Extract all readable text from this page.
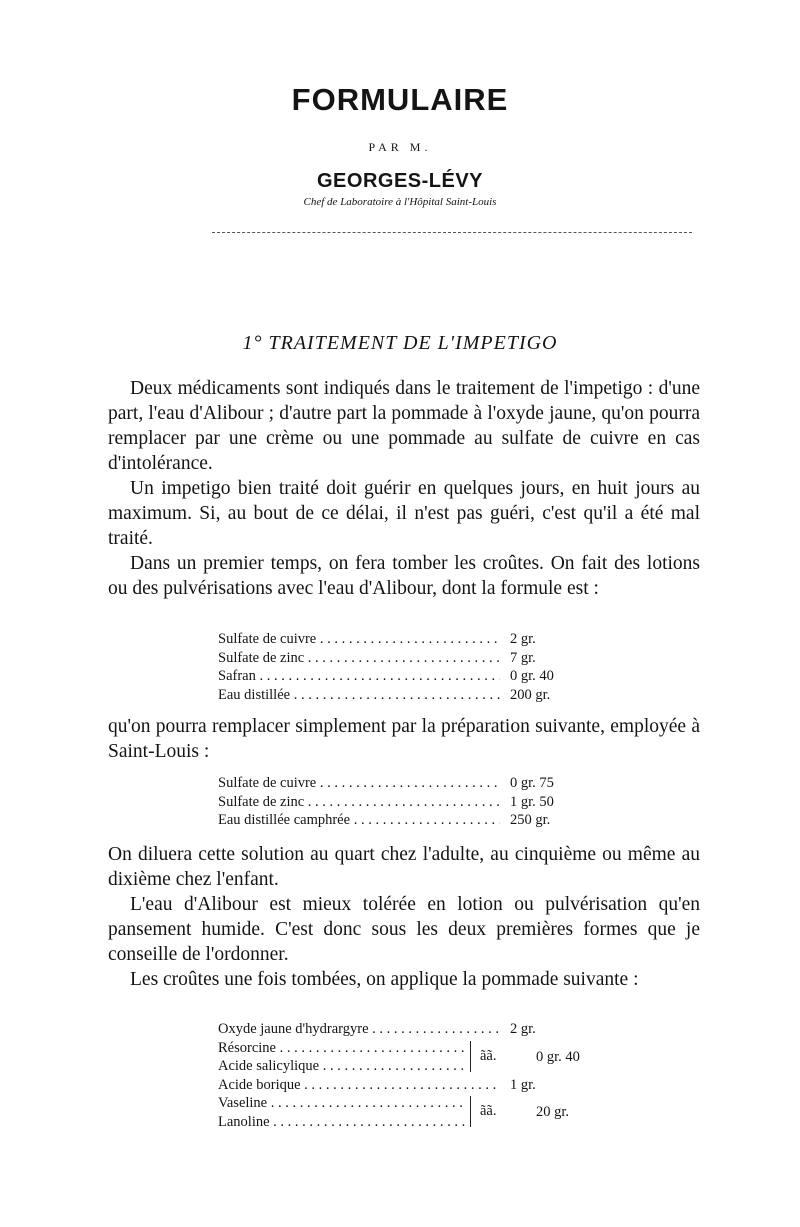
FORMULAIRE
PAR M.
GEORGES-LÉVY
Chef de Laboratoire à l'Hôpital Saint-Louis
1° TRAITEMENT DE L'IMPETIGO

Deux médicaments sont indiqués dans le traitement de l'impetigo : d'une part, l'eau d'Alibour ; d'autre part la pommade à l'oxyde jaune, qu'on pourra remplacer par une crème ou une pommade au sulfate de cuivre en cas d'intolérance.

Un impetigo bien traité doit guérir en quelques jours, en huit jours au maximum. Si, au bout de ce délai, il n'est pas guéri, c'est qu'il a été mal traité.

Dans un premier temps, on fera tomber les croûtes. On fait des lotions ou des pulvérisations avec l'eau d'Alibour, dont la formule est :

Sulfate de cuivre . . .	2 gr.
Sulfate de zinc . . .	7 gr.
Safran . . .	0 gr. 40
Eau distillée . . .	200 gr.

qu'on pourra remplacer simplement par la préparation suivante, employée à Saint-Louis :

Sulfate de cuivre . . .	0 gr. 75
Sulfate de zinc . . .	1 gr. 50
Eau distillée camphrée . . .	250 gr.

On diluera cette solution au quart chez l'adulte, au cinquième ou même au dixième chez l'enfant.

L'eau d'Alibour est mieux tolérée en lotion ou pulvérisation qu'en pansement humide. C'est donc sous les deux premières formes que je conseille de l'ordonner.

Les croûtes une fois tombées, on applique la pommade suivante :

Oxyde jaune d'hydrargyre . . .	2 gr.
Résorcine . . .
Acide salicylique . . .
ãã.	0 gr. 40
Acide borique . . .	1 gr.
Vaseline . . .
Lanoline . . .
ãã.	20 gr.
